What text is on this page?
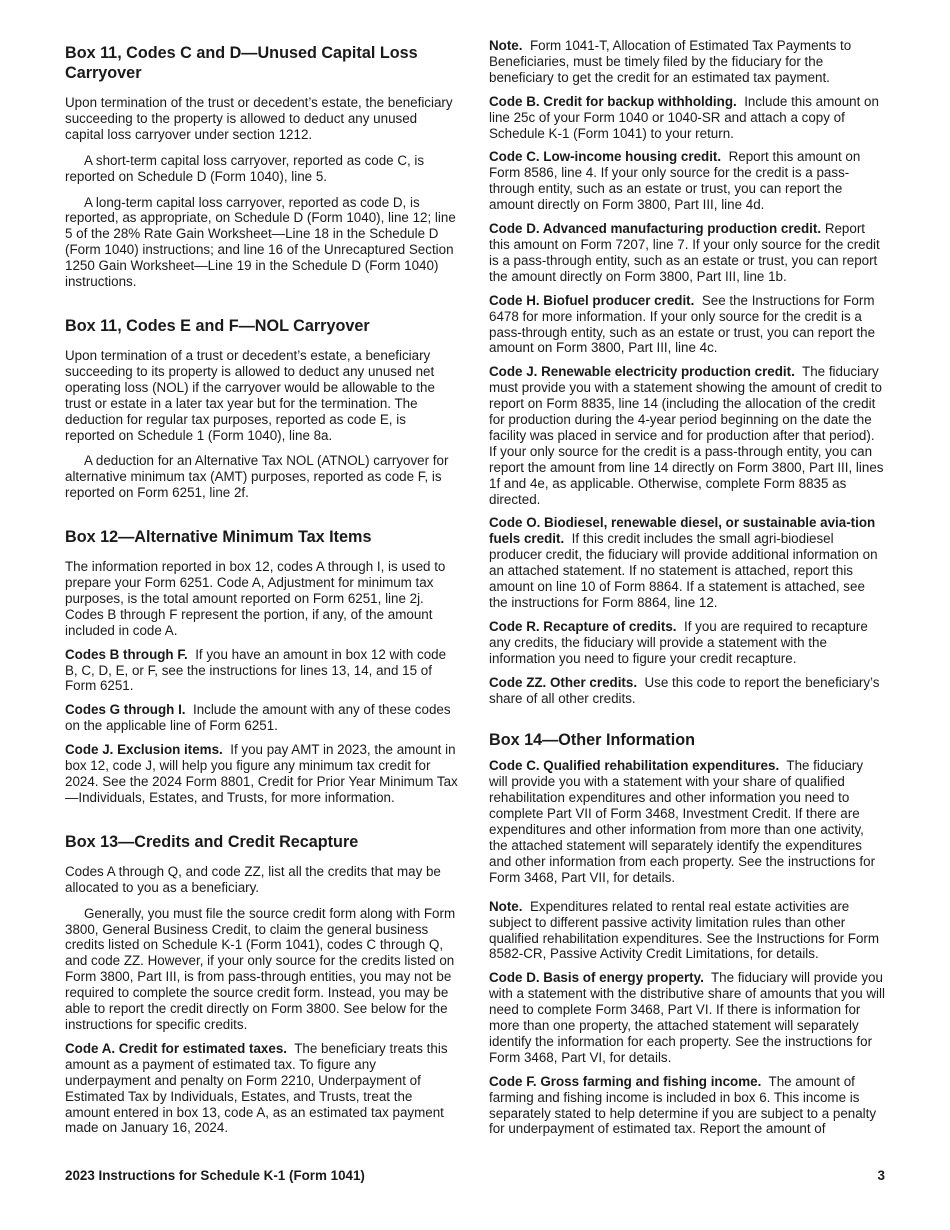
Box 11, Codes C and D—Unused Capital Loss Carryover

Upon termination of the trust or decedent’s estate, the beneficiary succeeding to the property is allowed to deduct any unused capital loss carryover under section 1212.

A short-term capital loss carryover, reported as code C, is reported on Schedule D (Form 1040), line 5.

A long-term capital loss carryover, reported as code D, is reported, as appropriate, on Schedule D (Form 1040), line 12; line 5 of the 28% Rate Gain Worksheet—Line 18 in the Schedule D (Form 1040) instructions; and line 16 of the Unrecaptured Section 1250 Gain Worksheet—Line 19 in the Schedule D (Form 1040) instructions.

Box 11, Codes E and F—NOL Carryover

Upon termination of a trust or decedent’s estate, a beneficiary succeeding to its property is allowed to deduct any unused net operating loss (NOL) if the carryover would be allowable to the trust or estate in a later tax year but for the termination. The deduction for regular tax purposes, reported as code E, is reported on Schedule 1 (Form 1040), line 8a.

A deduction for an Alternative Tax NOL (ATNOL) carryover for alternative minimum tax (AMT) purposes, reported as code F, is reported on Form 6251, line 2f.

Box 12—Alternative Minimum Tax Items

The information reported in box 12, codes A through I, is used to prepare your Form 6251. Code A, Adjustment for minimum tax purposes, is the total amount reported on Form 6251, line 2j. Codes B through F represent the portion, if any, of the amount included in code A.

Codes B through F. If you have an amount in box 12 with code B, C, D, E, or F, see the instructions for lines 13, 14, and 15 of Form 6251.

Codes G through I. Include the amount with any of these codes on the applicable line of Form 6251.

Code J. Exclusion items. If you pay AMT in 2023, the amount in box 12, code J, will help you figure any minimum tax credit for 2024. See the 2024 Form 8801, Credit for Prior Year Minimum Tax—Individuals, Estates, and Trusts, for more information.

Box 13—Credits and Credit Recapture

Codes A through Q, and code ZZ, list all the credits that may be allocated to you as a beneficiary.

Generally, you must file the source credit form along with Form 3800, General Business Credit, to claim the general business credits listed on Schedule K-1 (Form 1041), codes C through Q, and code ZZ. However, if your only source for the credits listed on Form 3800, Part III, is from pass-through entities, you may not be required to complete the source credit form. Instead, you may be able to report the credit directly on Form 3800. See below for the instructions for specific credits.

Code A. Credit for estimated taxes. The beneficiary treats this amount as a payment of estimated tax. To figure any underpayment and penalty on Form 2210, Underpayment of Estimated Tax by Individuals, Estates, and Trusts, treat the amount entered in box 13, code A, as an estimated tax payment made on January 16, 2024.

Note. Form 1041-T, Allocation of Estimated Tax Payments to Beneficiaries, must be timely filed by the fiduciary for the beneficiary to get the credit for an estimated tax payment.

Code B. Credit for backup withholding. Include this amount on line 25c of your Form 1040 or 1040-SR and attach a copy of Schedule K-1 (Form 1041) to your return.

Code C. Low-income housing credit. Report this amount on Form 8586, line 4. If your only source for the credit is a pass-through entity, such as an estate or trust, you can report the amount directly on Form 3800, Part III, line 4d.

Code D. Advanced manufacturing production credit. Report this amount on Form 7207, line 7. If your only source for the credit is a pass-through entity, such as an estate or trust, you can report the amount directly on Form 3800, Part III, line 1b.

Code H. Biofuel producer credit. See the Instructions for Form 6478 for more information. If your only source for the credit is a pass-through entity, such as an estate or trust, you can report the amount on Form 3800, Part III, line 4c.

Code J. Renewable electricity production credit. The fiduciary must provide you with a statement showing the amount of credit to report on Form 8835, line 14 (including the allocation of the credit for production during the 4-year period beginning on the date the facility was placed in service and for production after that period). If your only source for the credit is a pass-through entity, you can report the amount from line 14 directly on Form 3800, Part III, lines 1f and 4e, as applicable. Otherwise, complete Form 8835 as directed.

Code O. Biodiesel, renewable diesel, or sustainable avia-tion fuels credit. If this credit includes the small agri-biodiesel producer credit, the fiduciary will provide additional information on an attached statement. If no statement is attached, report this amount on line 10 of Form 8864. If a statement is attached, see the instructions for Form 8864, line 12.

Code R. Recapture of credits. If you are required to recapture any credits, the fiduciary will provide a statement with the information you need to figure your credit recapture.

Code ZZ. Other credits. Use this code to report the beneficiary’s share of all other credits.

Box 14—Other Information

Code C. Qualified rehabilitation expenditures. The fiduciary will provide you with a statement with your share of qualified rehabilitation expenditures and other information you need to complete Part VII of Form 3468, Investment Credit. If there are expenditures and other information from more than one activity, the attached statement will separately identify the expenditures and other information from each property. See the instructions for Form 3468, Part VII, for details.

Note. Expenditures related to rental real estate activities are subject to different passive activity limitation rules than other qualified rehabilitation expenditures. See the Instructions for Form 8582-CR, Passive Activity Credit Limitations, for details.

Code D. Basis of energy property. The fiduciary will provide you with a statement with the distributive share of amounts that you will need to complete Form 3468, Part VI. If there is information for more than one property, the attached statement will separately identify the information for each property. See the instructions for Form 3468, Part VI, for details.

Code F. Gross farming and fishing income. The amount of farming and fishing income is included in box 6. This income is separately stated to help determine if you are subject to a penalty for underpayment of estimated tax. Report the amount of

2023 Instructions for Schedule K-1 (Form 1041)	3
